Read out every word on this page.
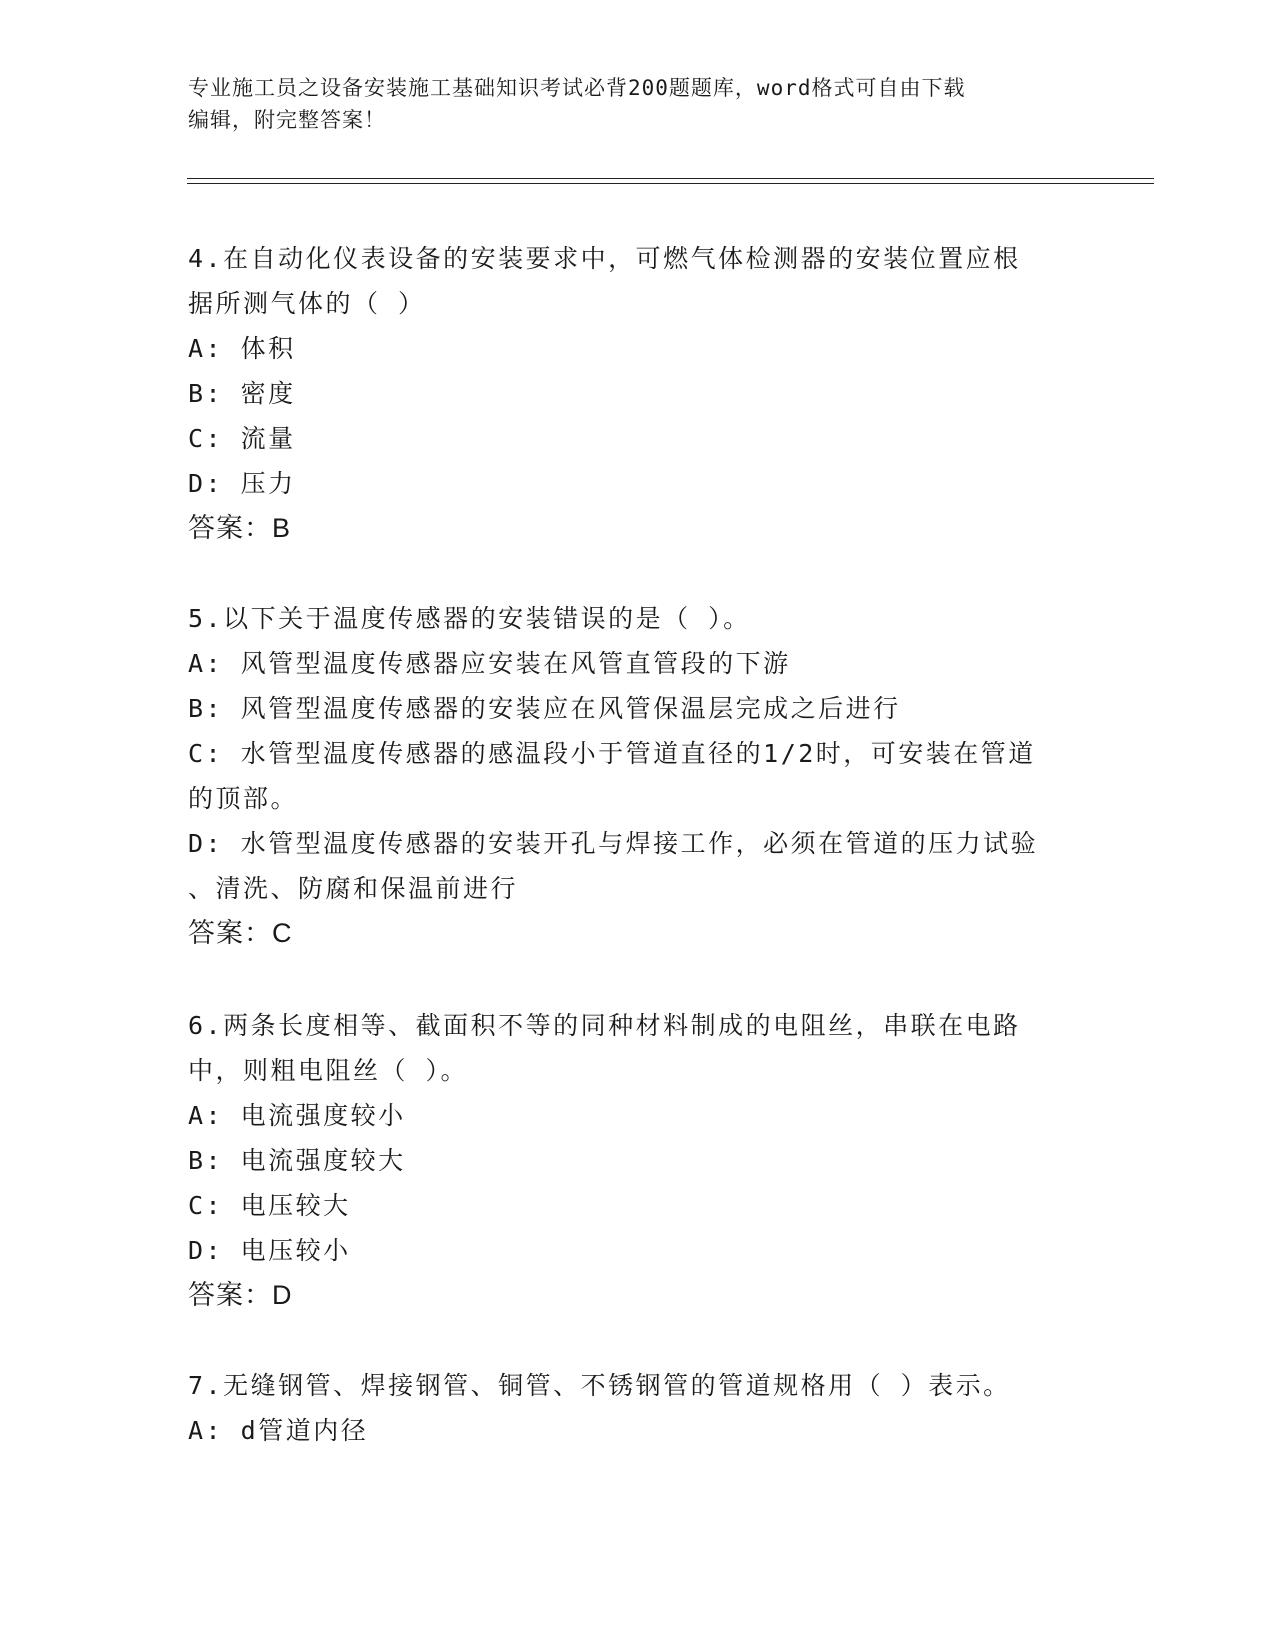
专业施工员之设备安装施工基础知识考试必背200题题库，word格式可自由下载
编辑，附完整答案！

4.在自动化仪表设备的安装要求中，可燃气体检测器的安装位置应根

据所测气体的（ ）

A: 体积

B: 密度

C: 流量

D: 压力

答案：B

5.以下关于温度传感器的安装错误的是（ ）。

A: 风管型温度传感器应安装在风管直管段的下游

B: 风管型温度传感器的安装应在风管保温层完成之后进行

C: 水管型温度传感器的感温段小于管道直径的1/2时，可安装在管道

的顶部。

D: 水管型温度传感器的安装开孔与焊接工作，必须在管道的压力试验

、清洗、防腐和保温前进行

答案：C

6.两条长度相等、截面积不等的同种材料制成的电阻丝，串联在电路

中，则粗电阻丝（ ）。

A: 电流强度较小

B: 电流强度较大

C: 电压较大

D: 电压较小

答案：D

7.无缝钢管、焊接钢管、铜管、不锈钢管的管道规格用（ ）表示。

A: d管道内径
